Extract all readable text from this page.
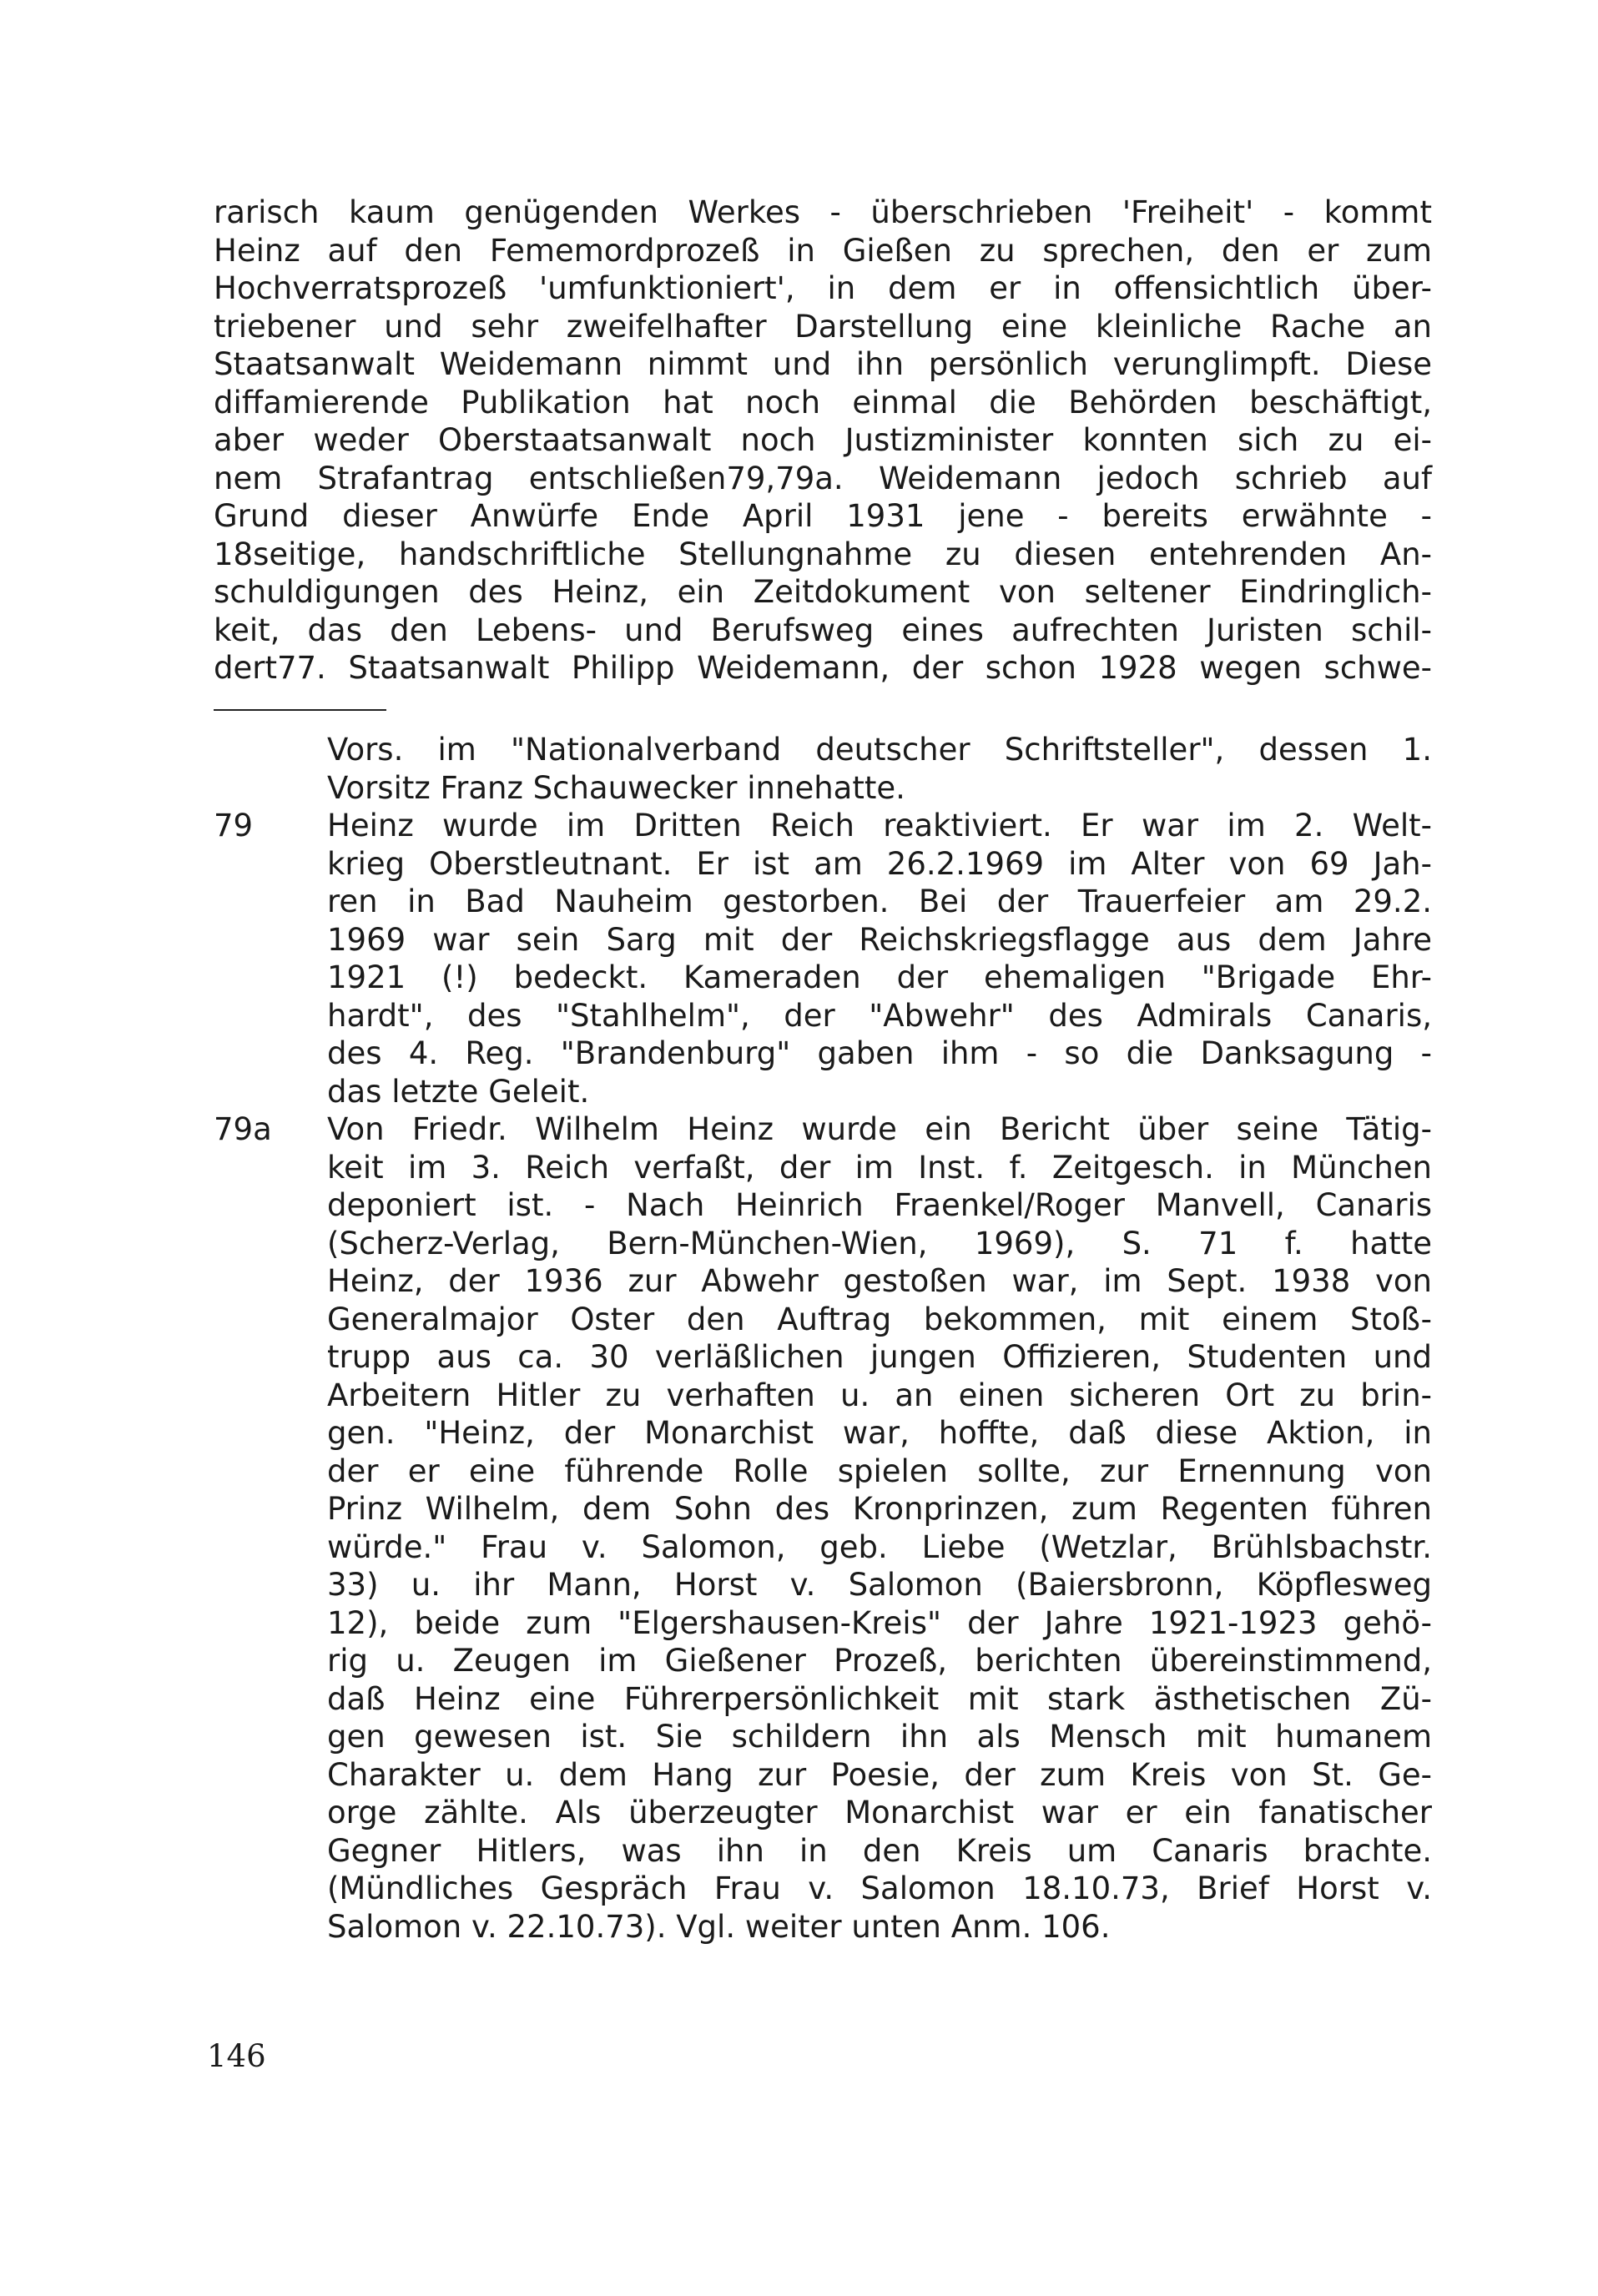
rarisch kaum genügenden Werkes - überschrieben 'Freiheit' - kommt
Heinz auf den Fememordprozeß in Gießen zu sprechen, den er zum
Hochverratsprozeß 'umfunktioniert', in dem er in offensichtlich über-
triebener und sehr zweifelhafter Darstellung eine kleinliche Rache an
Staatsanwalt Weidemann nimmt und ihn persönlich verunglimpft. Diese
diffamierende Publikation hat noch einmal die Behörden beschäftigt,
aber weder Oberstaatsanwalt noch Justizminister konnten sich zu ei-
nem Strafantrag entschließen79,79a. Weidemann jedoch schrieb auf
Grund dieser Anwürfe Ende April 1931 jene - bereits erwähnte -
18seitige, handschriftliche Stellungnahme zu diesen entehrenden An-
schuldigungen des Heinz, ein Zeitdokument von seltener Eindringlich-
keit, das den Lebens- und Berufsweg eines aufrechten Juristen schil-
dert77. Staatsanwalt Philipp Weidemann, der schon 1928 wegen schwe-
Vors. im "Nationalverband deutscher Schriftsteller", dessen 1.
Vorsitz Franz Schauwecker innehatte.
79	Heinz wurde im Dritten Reich reaktiviert. Er war im 2. Welt-
krieg Oberstleutnant. Er ist am 26.2.1969 im Alter von 69 Jah-
ren in Bad Nauheim gestorben. Bei der Trauerfeier am 29.2.
1969 war sein Sarg mit der Reichskriegsflagge aus dem Jahre
1921 (!) bedeckt. Kameraden der ehemaligen "Brigade Ehr-
hardt", des "Stahlhelm", der "Abwehr" des Admirals Canaris,
des 4. Reg. "Brandenburg" gaben ihm - so die Danksagung -
das letzte Geleit.
79a	Von Friedr. Wilhelm Heinz wurde ein Bericht über seine Tätig-
keit im 3. Reich verfaßt, der im Inst. f. Zeitgesch. in München
deponiert ist. - Nach Heinrich Fraenkel/Roger Manvell, Canaris
(Scherz-Verlag, Bern-München-Wien, 1969), S. 71 f. hatte
Heinz, der 1936 zur Abwehr gestoßen war, im Sept. 1938 von
Generalmajor Oster den Auftrag bekommen, mit einem Stoß-
trupp aus ca. 30 verläßlichen jungen Offizieren, Studenten und
Arbeitern Hitler zu verhaften u. an einen sicheren Ort zu brin-
gen. "Heinz, der Monarchist war, hoffte, daß diese Aktion, in
der er eine führende Rolle spielen sollte, zur Ernennung von
Prinz Wilhelm, dem Sohn des Kronprinzen, zum Regenten führen
würde." Frau v. Salomon, geb. Liebe (Wetzlar, Brühlsbachstr.
33) u. ihr Mann, Horst v. Salomon (Baiersbronn, Köpflesweg
12), beide zum "Elgershausen-Kreis" der Jahre 1921-1923 gehö-
rig u. Zeugen im Gießener Prozeß, berichten übereinstimmend,
daß Heinz eine Führerpersönlichkeit mit stark ästhetischen Zü-
gen gewesen ist. Sie schildern ihn als Mensch mit humanem
Charakter u. dem Hang zur Poesie, der zum Kreis von St. Ge-
orge zählte. Als überzeugter Monarchist war er ein fanatischer
Gegner Hitlers, was ihn in den Kreis um Canaris brachte.
(Mündliches Gespräch Frau v. Salomon 18.10.73, Brief Horst v.
Salomon v. 22.10.73). Vgl. weiter unten Anm. 106.
146
